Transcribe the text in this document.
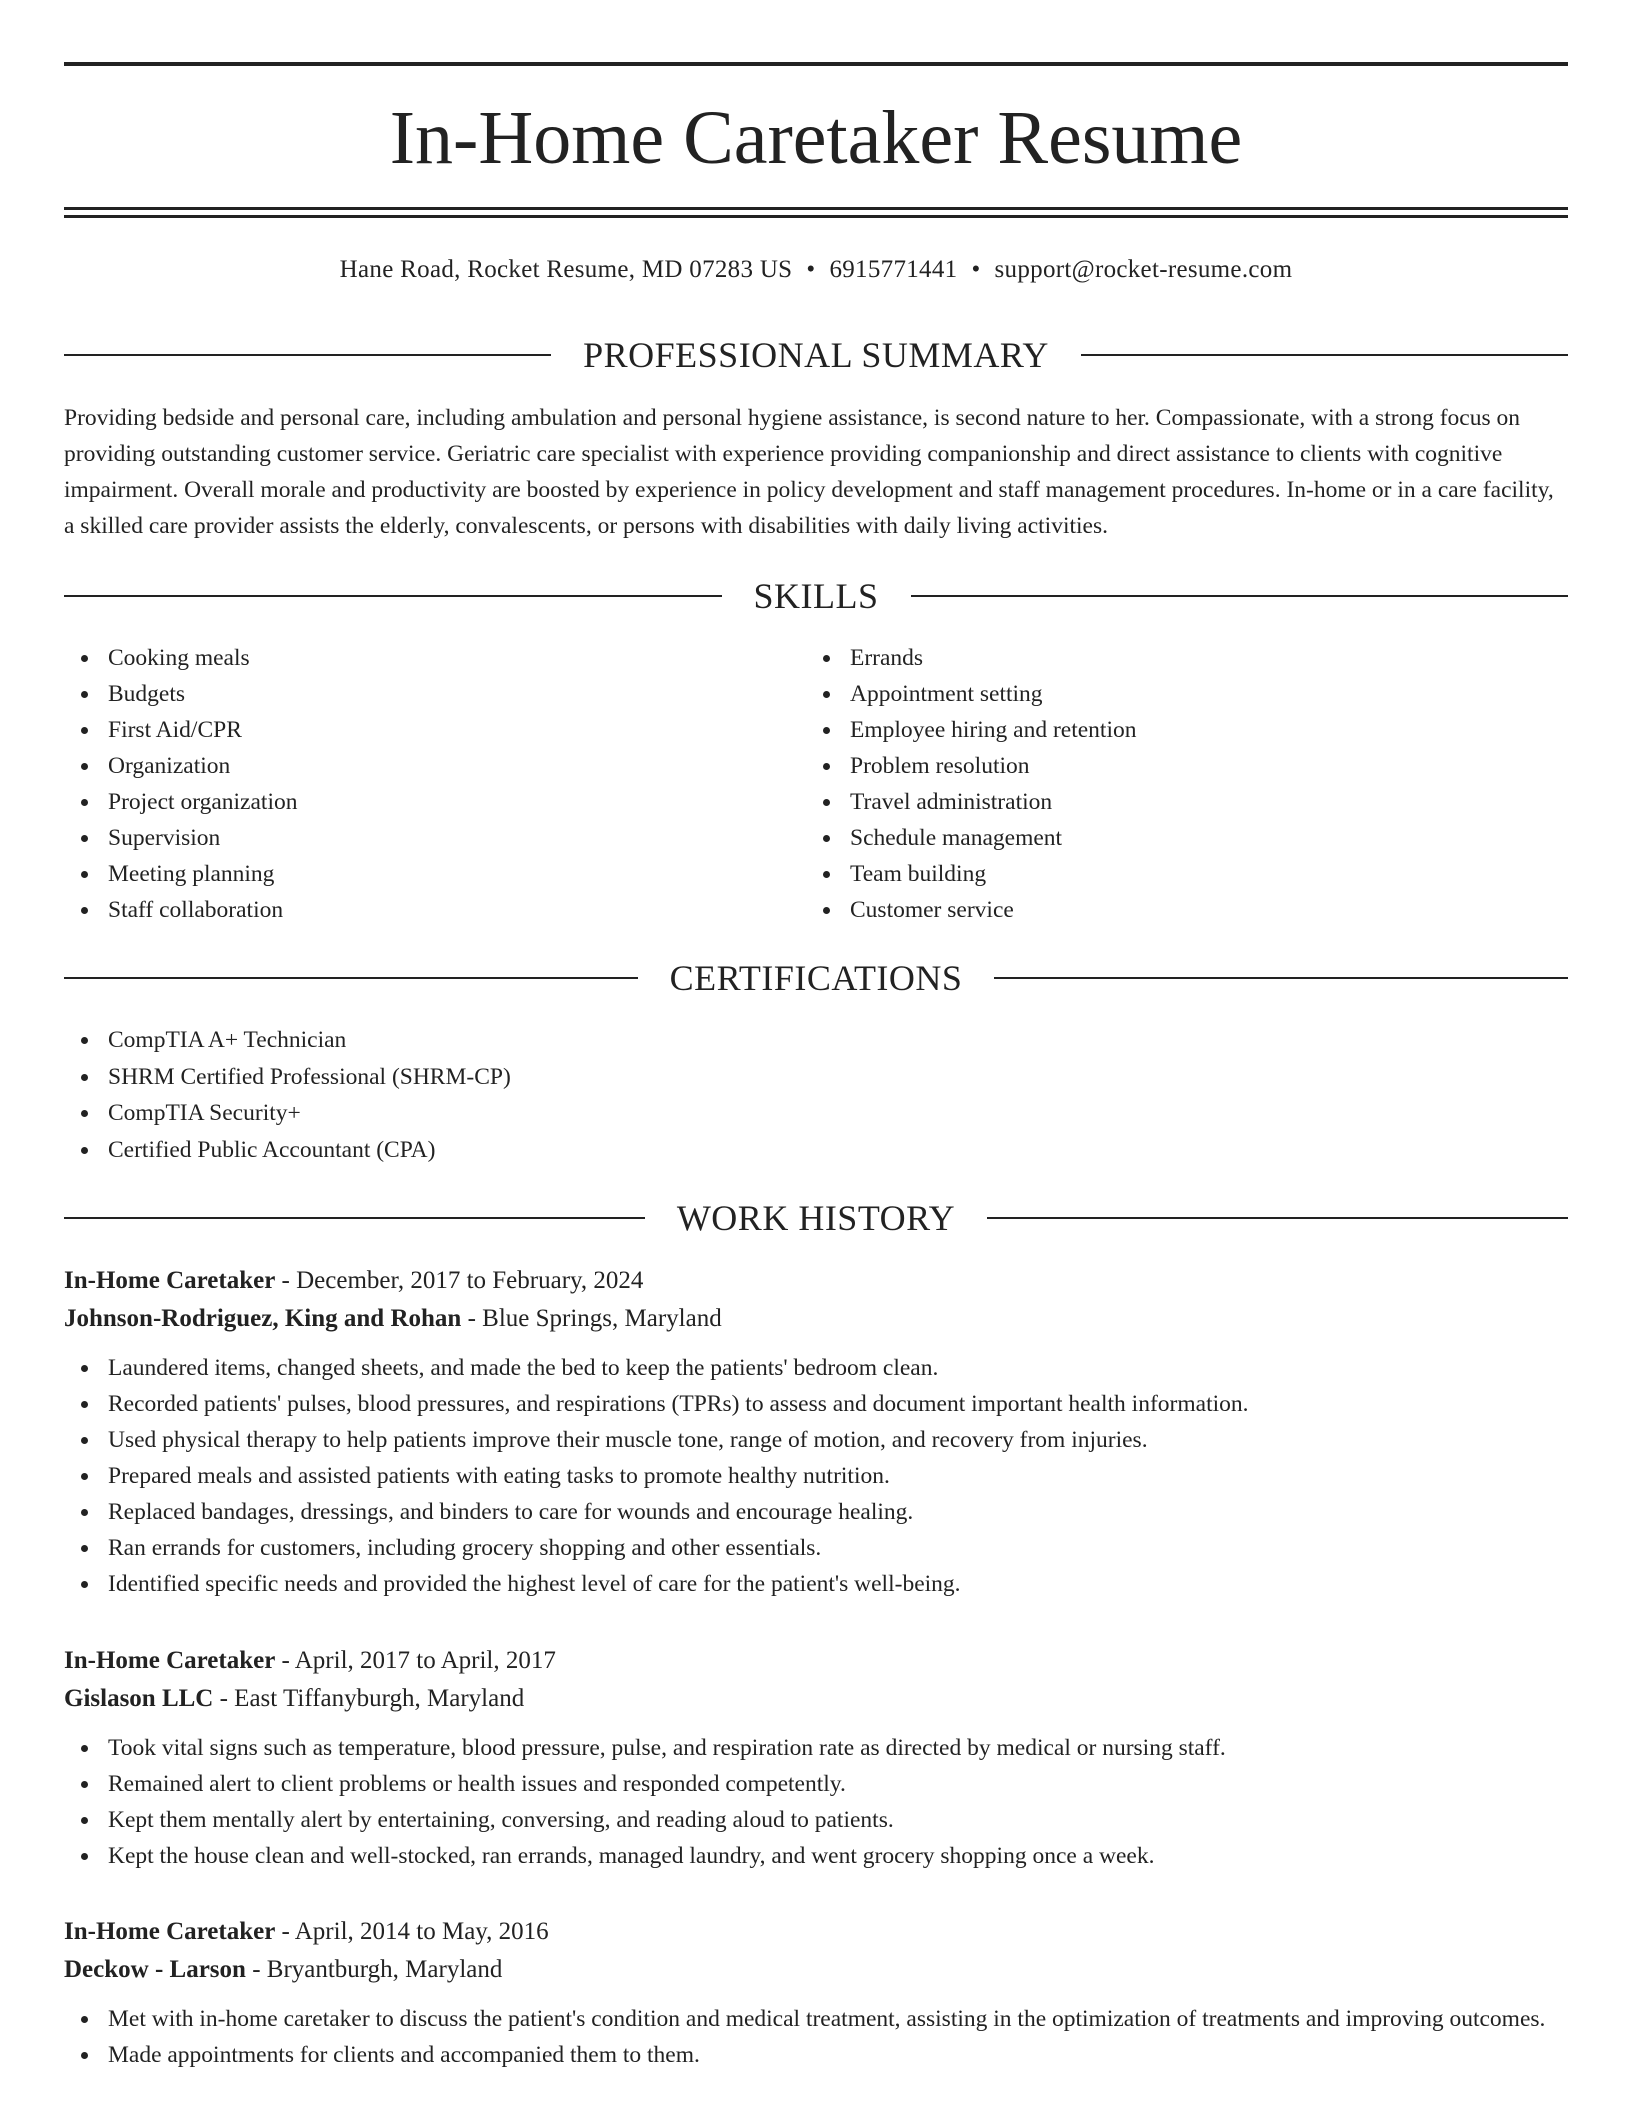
In-Home Caretaker Resume
Hane Road, Rocket Resume, MD 07283 US • 6915771441 • support@rocket-resume.com
PROFESSIONAL SUMMARY

Providing bedside and personal care, including ambulation and personal hygiene assistance, is second nature to her. Compassionate, with a strong focus on providing outstanding customer service. Geriatric care specialist with experience providing companionship and direct assistance to clients with cognitive impairment. Overall morale and productivity are boosted by experience in policy development and staff management procedures. In-home or in a care facility, a skilled care provider assists the elderly, convalescents, or persons with disabilities with daily living activities.

SKILLS
Cooking meals
Budgets
First Aid/CPR
Organization
Project organization
Supervision
Meeting planning
Staff collaboration
Errands
Appointment setting
Employee hiring and retention
Problem resolution
Travel administration
Schedule management
Team building
Customer service
CERTIFICATIONS
CompTIA A+ Technician
SHRM Certified Professional (SHRM-CP)
CompTIA Security+
Certified Public Accountant (CPA)
WORK HISTORY
In-Home Caretaker - December, 2017 to February, 2024
Johnson-Rodriguez, King and Rohan - Blue Springs, Maryland
Laundered items, changed sheets, and made the bed to keep the patients' bedroom clean.
Recorded patients' pulses, blood pressures, and respirations (TPRs) to assess and document important health information.
Used physical therapy to help patients improve their muscle tone, range of motion, and recovery from injuries.
Prepared meals and assisted patients with eating tasks to promote healthy nutrition.
Replaced bandages, dressings, and binders to care for wounds and encourage healing.
Ran errands for customers, including grocery shopping and other essentials.
Identified specific needs and provided the highest level of care for the patient's well-being.
In-Home Caretaker - April, 2017 to April, 2017
Gislason LLC - East Tiffanyburgh, Maryland
Took vital signs such as temperature, blood pressure, pulse, and respiration rate as directed by medical or nursing staff.
Remained alert to client problems or health issues and responded competently.
Kept them mentally alert by entertaining, conversing, and reading aloud to patients.
Kept the house clean and well-stocked, ran errands, managed laundry, and went grocery shopping once a week.
In-Home Caretaker - April, 2014 to May, 2016
Deckow - Larson - Bryantburgh, Maryland
Met with in-home caretaker to discuss the patient's condition and medical treatment, assisting in the optimization of treatments and improving outcomes.
Made appointments for clients and accompanied them to them.
